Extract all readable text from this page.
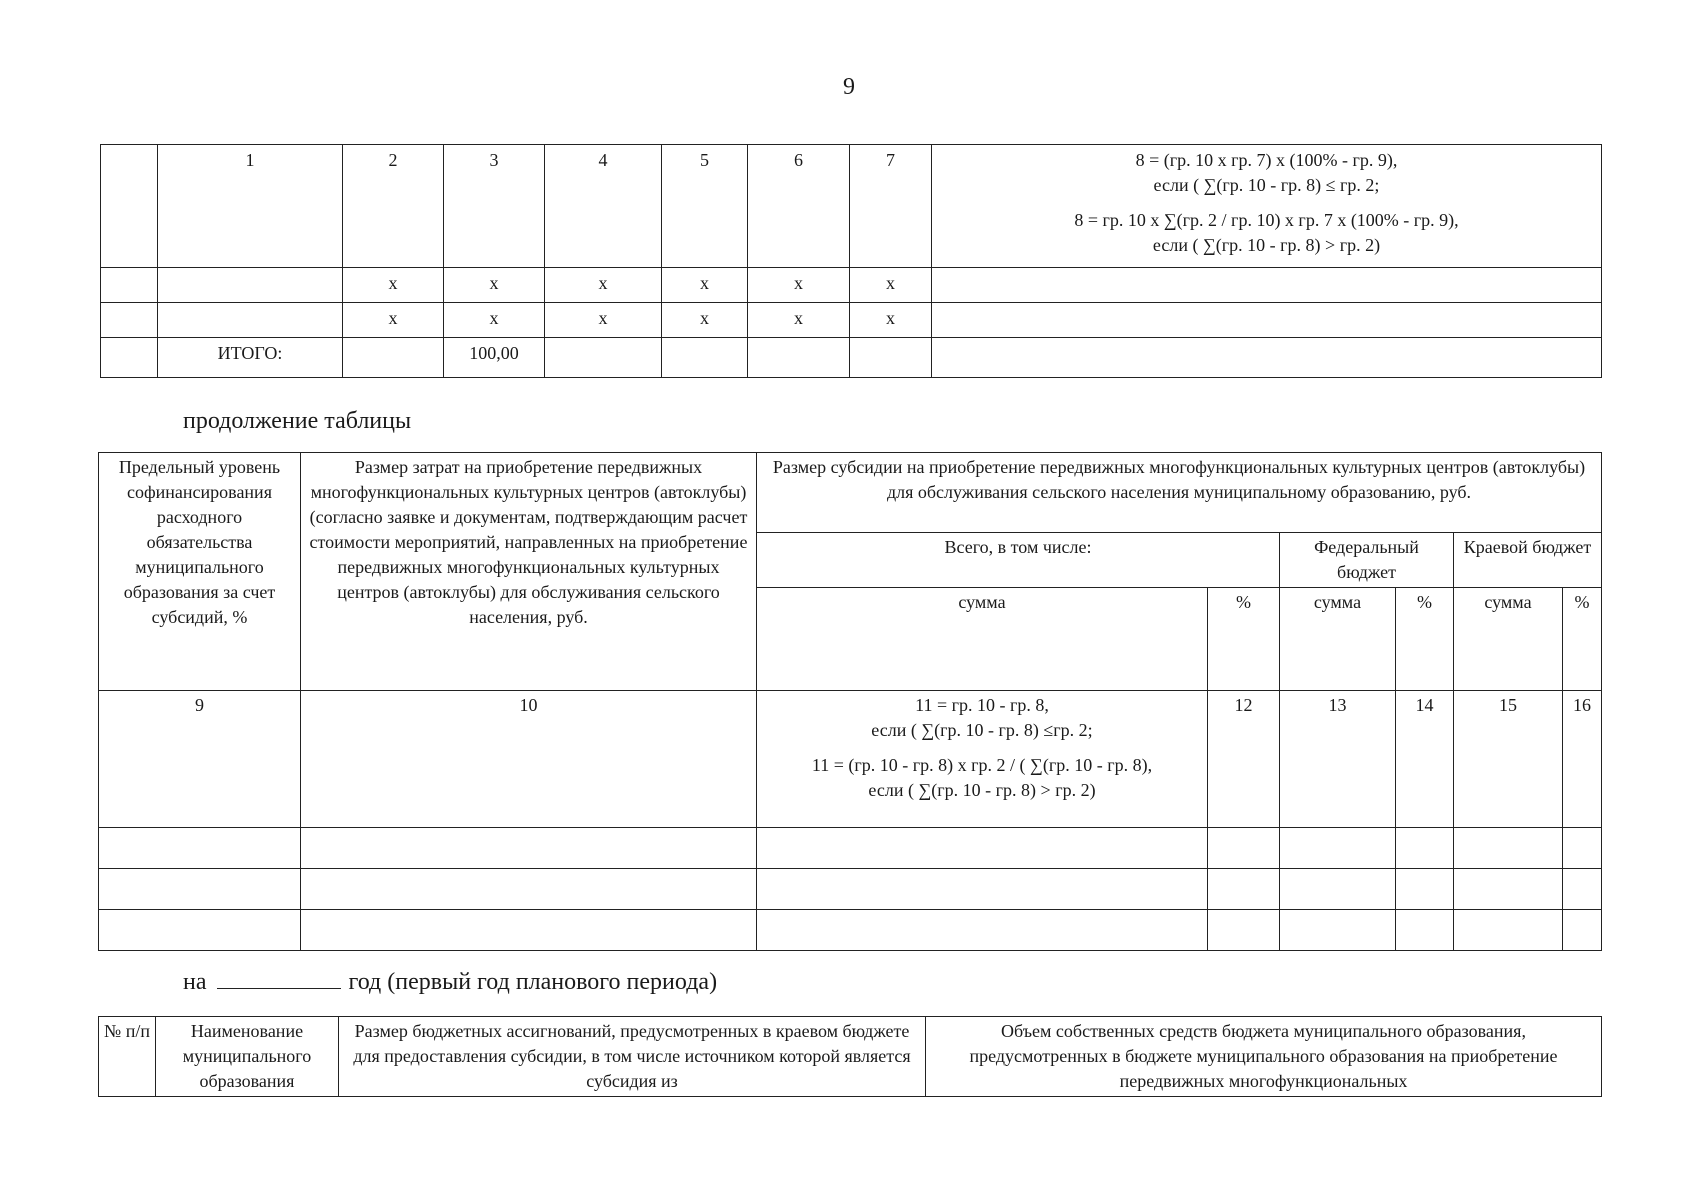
9
	1	2	3	4	5	6	7	8 = (гр. 10 х гр. 7) х (100% - гр. 9),
если ( ∑(гр. 10 - гр. 8) ≤ гр. 2;
8 = гр. 10 х ∑(гр. 2 / гр. 10) х гр. 7 х (100% - гр. 9),
если ( ∑(гр. 10 - гр. 8) > гр. 2)

		х	х	х	х	х	х	
		х	х	х	х	х	х	
	ИТОГО:		100,00					
продолжение таблицы
Предельный уровень софинансирования расходного обязательства муниципального образования за счет субсидий, %	Размер затрат на приобретение передвижных многофункциональных культурных центров (автоклубы) (согласно заявке и документам, подтверждающим расчет стоимости мероприятий, направленных на приобретение передвижных многофункциональных культурных центров (автоклубы) для обслуживания сельского населения, руб.	Размер субсидии на приобретение передвижных многофункциональных культурных центров (автоклубы) для обслуживания сельского населения муниципальному образованию, руб.					
		Всего, в том числе:		Федеральный бюджет		Краевой бюджет	
		сумма	%	сумма	%	сумма	%
9	10	11 = гр. 10 - гр. 8,
если ( ∑(гр. 10 - гр. 8) ≤гр. 2;
11 = (гр. 10 - гр. 8) х гр. 2 / ( ∑(гр. 10 - гр. 8),
если ( ∑(гр. 10 - гр. 8) > гр. 2)	12	13	14	15	16

на	год (первый год планового периода)
№ п/п	Наименование муниципального образования	Размер бюджетных ассигнований, предусмотренных в краевом бюджете для предоставления субсидии, в том числе источником которой является субсидия из	Объем собственных средств бюджета муниципального образования, предусмотренных в бюджете муниципального образования на приобретение передвижных многофункциональных
